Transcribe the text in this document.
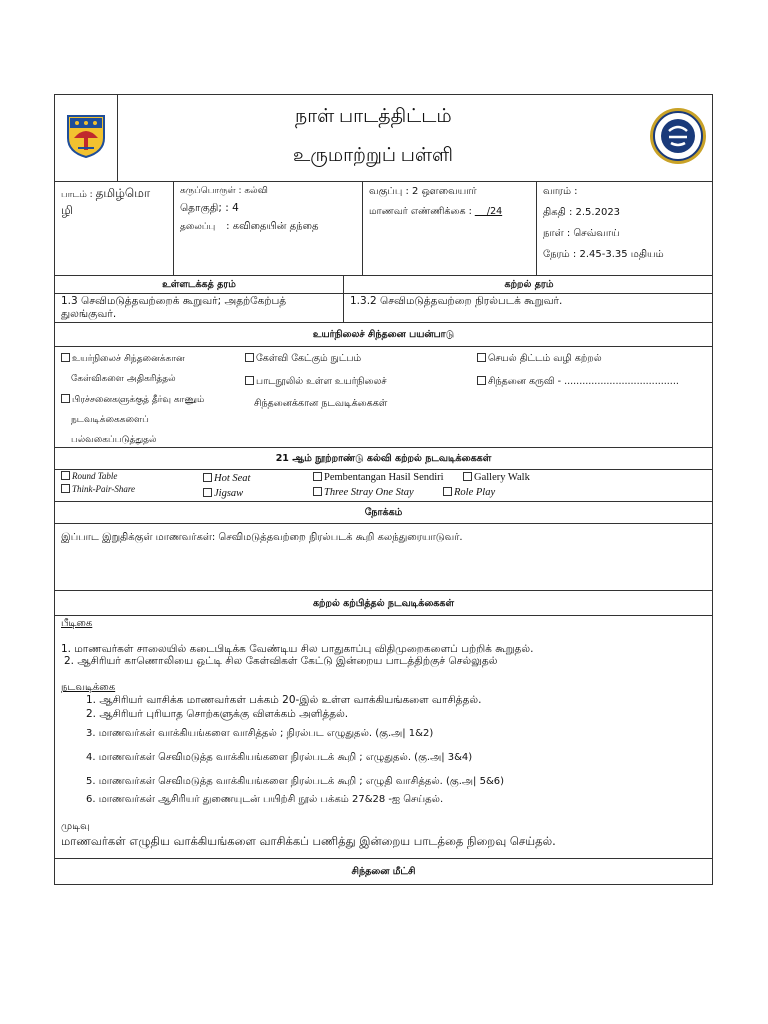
நாள் பாடத்திட்டம்
உருமாற்றுப் பள்ளி
பாடம் : தமிழ்மொ
ழி
கருப்பொருள் : கல்வி
தொகுதி; : 4
தலைப்பு : கவிதையின் தந்தை
வகுப்பு : 2 ஔவையார்
மாணவர் எண்ணிக்கை :     /24
வாரம் :
திகதி : 2.5.2023
நாள் : செவ்வாய்
நேரம் : 2.45-3.35 மதியம்
உள்ளடக்கத் தரம்	கற்றல் தரம்
1.3 செவிமடுத்தவற்றைக் கூறுவர்; அதற்கேற்பத்
துலங்குவர்.
1.3.2 செவிமடுத்தவற்றை நிரல்படக் கூறுவர்.
உயர்நிலைச் சிந்தனை பயன்பாடு
உயர்நிலைச் சிந்தனைக்கான
கேள்விகளை அதிகரித்தல்
பிரச்சனைகளுக்குத் தீர்வு காணும்
நடவடிக்கைகளைப்
பல்வகைப்படுத்துதல்
கேள்வி கேட்கும் நுட்பம்
பாடநூலில் உள்ள உயர்நிலைச்
சிந்தனைக்கான நடவடிக்கைகள்
செயல் திட்டம் வழி கற்றல்
சிந்தனை கருவி - ......................................
21 ஆம் நூற்றாண்டு கல்வி கற்றல் நடவடிக்கைகள்
Round Table
Think-Pair-Share
Hot Seat
Jigsaw
Pembentangan Hasil Sendiri	Gallery Walk
Three Stray One Stay	Role Play
நோக்கம்
இப்பாட இறுதிக்குள் மாணவர்கள்: செவிமடுத்தவற்றை நிரல்படக் கூறி கலந்துரையாடுவர்.
கற்றல் கற்பித்தல் நடவடிக்கைகள்
பீடிகை
1. மாணவர்கள் சாலையில் கடைபிடிக்க வேண்டிய சில பாதுகாப்பு விதிமுறைகளைப் பற்றிக் கூறுதல்.
2. ஆசிரியர் காணொலியை ஒட்டி சில கேள்விகள் கேட்டு இன்றைய பாடத்திற்குச் செல்லுதல்
நடவடிக்கை
1. ஆசிரியர் வாசிக்க மாணவர்கள் பக்கம் 20-இல் உள்ள வாக்கியங்களை வாசித்தல்.
2. ஆசிரியர் புரியாத சொற்களுக்கு விளக்கம் அளித்தல்.
3. மாணவர்கள் வாக்கியங்களை வாசித்தல் ; நிரல்பட எழுதுதல். (கு.அ| 1&2)
4. மாணவர்கள் செவிமடுத்த வாக்கியங்களை நிரல்படக் கூறி ; எழுதுதல். (கு.அ| 3&4)
5. மாணவர்கள் செவிமடுத்த வாக்கியங்களை நிரல்படக் கூறி ; எழுதி வாசித்தல். (கு.அ| 5&6)
6. மாணவர்கள் ஆசிரியர் துணையுடன் பயிற்சி நூல் பக்கம் 27&28 -ஐ செய்தல்.
முடிவு
மாணவர்கள் எழுதிய வாக்கியங்களை வாசிக்கப் பணித்து இன்றைய பாடத்தை நிறைவு செய்தல்.
சிந்தனை மீட்சி
